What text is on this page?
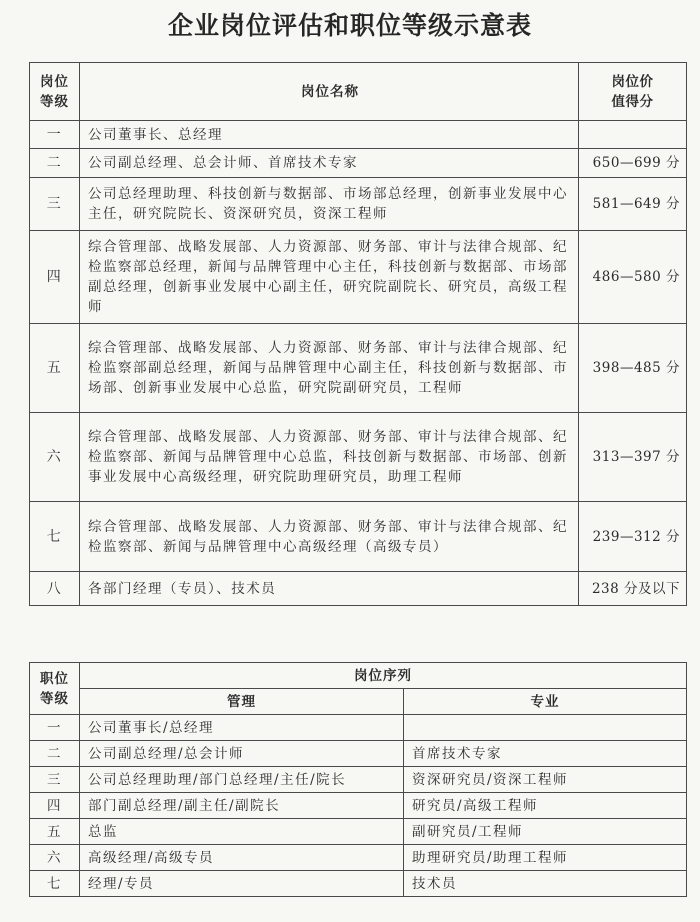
企业岗位评估和职位等级示意表
岗位
等级	岗位名称	岗位价
值得分

一	公司董事长、总经理	
二	公司副总经理、总会计师、首席技术专家	650—699 分
三	公司总经理助理、科技创新与数据部、市场部总经理，创新事业发展中心主任，研究院院长、资深研究员，资深工程师	581—649 分
四	综合管理部、战略发展部、人力资源部、财务部、审计与法律合规部、纪检监察部总经理，新闻与品牌管理中心主任，科技创新与数据部、市场部副总经理，创新事业发展中心副主任，研究院副院长、研究员，高级工程师	486—580 分
五	综合管理部、战略发展部、人力资源部、财务部、审计与法律合规部、纪检监察部副总经理，新闻与品牌管理中心副主任，科技创新与数据部、市场部、创新事业发展中心总监，研究院副研究员，工程师	398—485 分
六	综合管理部、战略发展部、人力资源部、财务部、审计与法律合规部、纪检监察部、新闻与品牌管理中心总监，科技创新与数据部、市场部、创新事业发展中心高级经理，研究院助理研究员，助理工程师	313—397 分
七	综合管理部、战略发展部、人力资源部、财务部、审计与法律合规部、纪检监察部、新闻与品牌管理中心高级经理（高级专员）	239—312 分
八	各部门经理（专员）、技术员	238 分及以下
职位
等级	岗位序列	
	管理	专业
一	公司董事长/总经理	
二	公司副总经理/总会计师	首席技术专家
三	公司总经理助理/部门总经理/主任/院长	资深研究员/资深工程师
四	部门副总经理/副主任/副院长	研究员/高级工程师
五	总监	副研究员/工程师
六	高级经理/高级专员	助理研究员/助理工程师
七	经理/专员	技术员
